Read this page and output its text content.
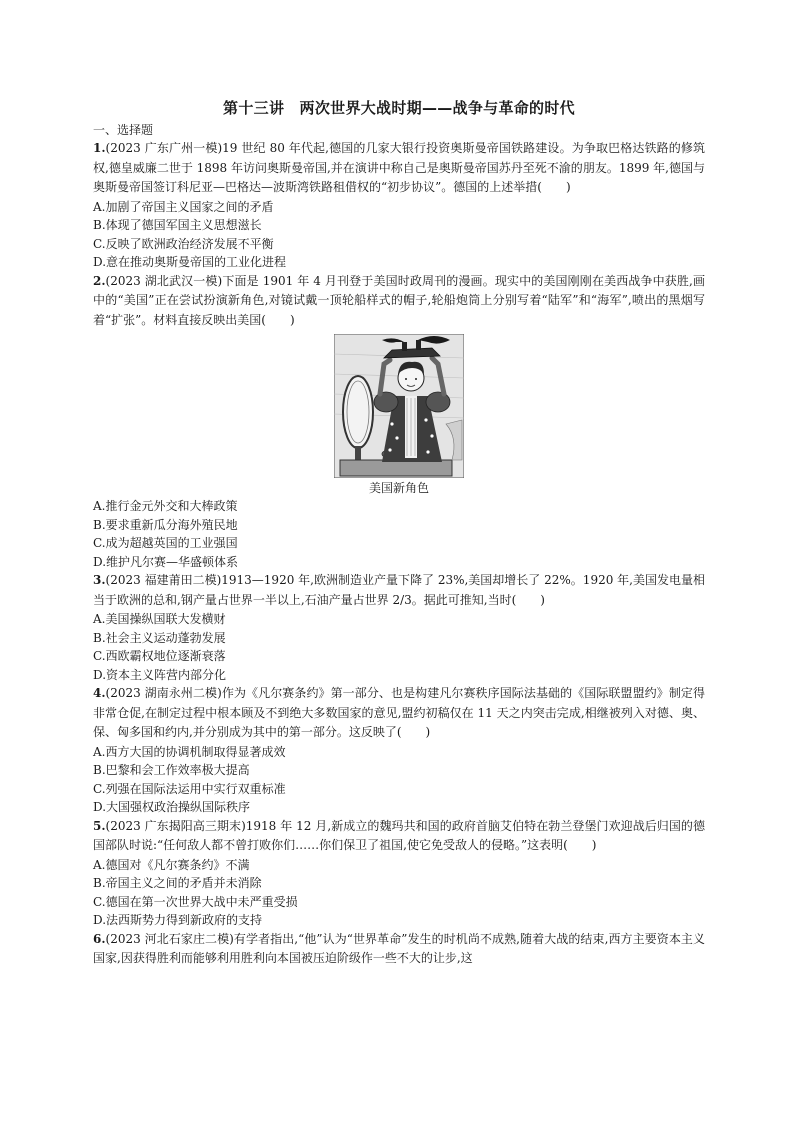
第十三讲　两次世界大战时期——战争与革命的时代

一、选择题

1.(2023 广东广州一模)19 世纪 80 年代起,德国的几家大银行投资奥斯曼帝国铁路建设。为争取巴格达铁路的修筑权,德皇威廉二世于 1898 年访问奥斯曼帝国,并在演讲中称自己是奥斯曼帝国苏丹至死不渝的朋友。1899 年,德国与奥斯曼帝国签订科尼亚—巴格达—波斯湾铁路租借权的“初步协议”。德国的上述举措(　　)

A.加剧了帝国主义国家之间的矛盾
B.体现了德国军国主义思想滋长
C.反映了欧洲政治经济发展不平衡
D.意在推动奥斯曼帝国的工业化进程

2.(2023 湖北武汉一模)下面是 1901 年 4 月刊登于美国时政周刊的漫画。现实中的美国刚刚在美西战争中获胜,画中的“美国”正在尝试扮演新角色,对镜试戴一顶轮船样式的帽子,轮船炮筒上分别写着“陆军”和“海军”,喷出的黑烟写着“扩张”。材料直接反映出美国(　　)

美国新角色
A.推行金元外交和大棒政策
B.要求重新瓜分海外殖民地
C.成为超越英国的工业强国
D.维护凡尔赛—华盛顿体系

3.(2023 福建莆田二模)1913—1920 年,欧洲制造业产量下降了 23%,美国却增长了 22%。1920 年,美国发电量相当于欧洲的总和,钢产量占世界一半以上,石油产量占世界 2/3。据此可推知,当时(　　)

A.美国操纵国联大发横财
B.社会主义运动蓬勃发展
C.西欧霸权地位逐渐衰落
D.资本主义阵营内部分化

4.(2023 湖南永州二模)作为《凡尔赛条约》第一部分、也是构建凡尔赛秩序国际法基础的《国际联盟盟约》制定得非常仓促,在制定过程中根本顾及不到绝大多数国家的意见,盟约初稿仅在 11 天之内突击完成,相继被列入对德、奥、保、匈多国和约内,并分别成为其中的第一部分。这反映了(　　)

A.西方大国的协调机制取得显著成效
B.巴黎和会工作效率极大提高
C.列强在国际法运用中实行双重标准
D.大国强权政治操纵国际秩序

5.(2023 广东揭阳高三期末)1918 年 12 月,新成立的魏玛共和国的政府首脑艾伯特在勃兰登堡门欢迎战后归国的德国部队时说:“任何敌人都不曾打败你们……你们保卫了祖国,使它免受敌人的侵略。”这表明(　　)

A.德国对《凡尔赛条约》不满
B.帝国主义之间的矛盾并未消除
C.德国在第一次世界大战中未严重受损
D.法西斯势力得到新政府的支持

6.(2023 河北石家庄二模)有学者指出,“他”认为“世界革命”发生的时机尚不成熟,随着大战的结束,西方主要资本主义国家,因获得胜利而能够利用胜利向本国被压迫阶级作一些不大的让步,这
